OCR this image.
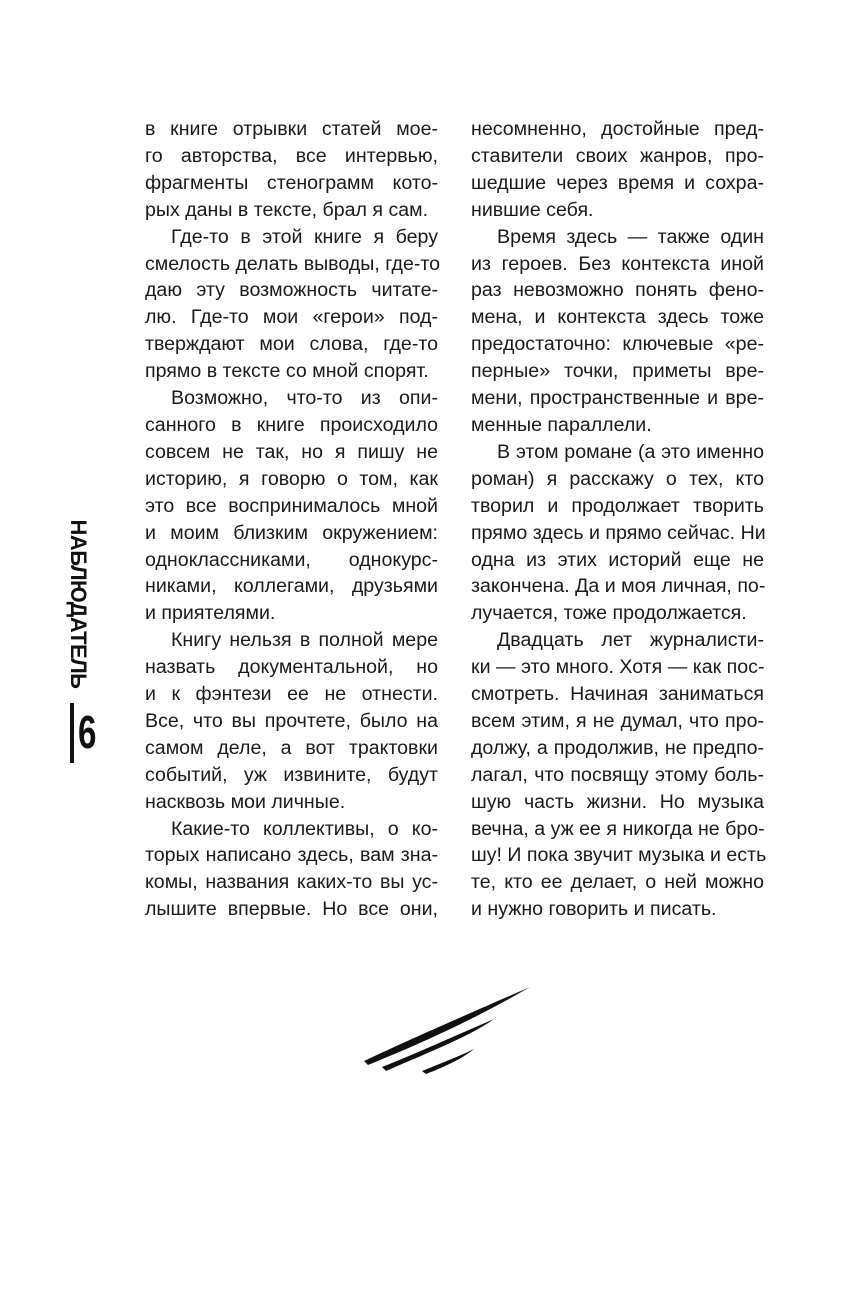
НАБЛЮДАТЕЛЬ
6
в книге отрывки статей мое-
го авторства, все интервью,
фрагменты стенограмм кото-
рых даны в тексте, брал я сам.
Где-то в этой книге я беру
смелость делать выводы, где-то
даю эту возможность читате-
лю. Где-то мои «герои» под-
тверждают мои слова, где-то
прямо в тексте со мной спорят.
Возможно, что-то из опи-
санного в книге происходило
совсем не так, но я пишу не
историю, я говорю о том, как
это все воспринималось мной
и моим близким окружением:
одноклассниками, однокурс-
никами, коллегами, друзьями
и приятелями.
Книгу нельзя в полной мере
назвать документальной, но
и к фэнтези ее не отнести.
Все, что вы прочтете, было на
самом деле, а вот трактовки
событий, уж извините, будут
насквозь мои личные.
Какие-то коллективы, о ко-
торых написано здесь, вам зна-
комы, названия каких-то вы ус-
лышите впервые. Но все они,
несомненно, достойные пред-
ставители своих жанров, про-
шедшие через время и сохра-
нившие себя.
Время здесь — также один
из героев. Без контекста иной
раз невозможно понять фено-
мена, и контекста здесь тоже
предостаточно: ключевые «ре-
перные» точки, приметы вре-
мени, пространственные и вре-
менные параллели.
В этом романе (а это именно
роман) я расскажу о тех, кто
творил и продолжает творить
прямо здесь и прямо сейчас. Ни
одна из этих историй еще не
закончена. Да и моя личная, по-
лучается, тоже продолжается.
Двадцать лет журналисти-
ки — это много. Хотя — как пос-
смотреть. Начиная заниматься
всем этим, я не думал, что про-
должу, а продолжив, не предпо-
лагал, что посвящу этому боль-
шую часть жизни. Но музыка
вечна, а уж ее я никогда не бро-
шу! И пока звучит музыка и есть
те, кто ее делает, о ней можно
и нужно говорить и писать.
